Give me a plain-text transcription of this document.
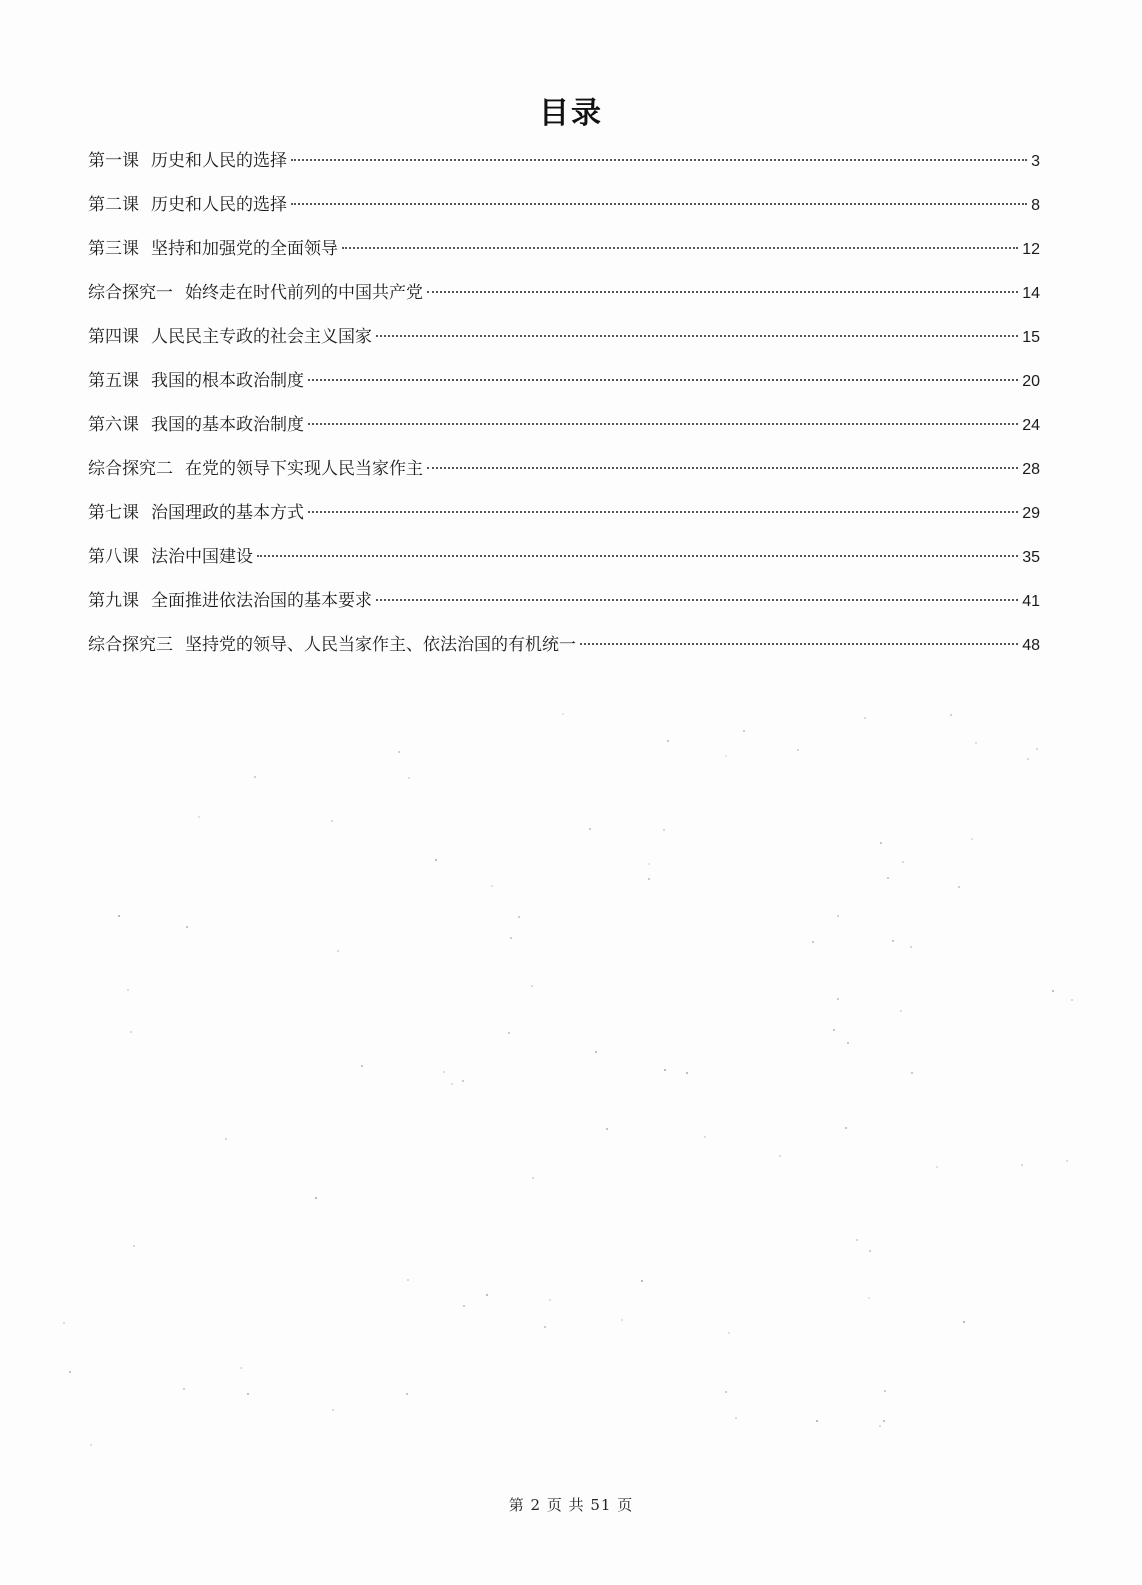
目录
第一课 历史和人民的选择	3
第二课 历史和人民的选择	8
第三课 坚持和加强党的全面领导	12
综合探究一 始终走在时代前列的中国共产党	14
第四课 人民民主专政的社会主义国家	15
第五课 我国的根本政治制度	20
第六课 我国的基本政治制度	24
综合探究二 在党的领导下实现人民当家作主	28
第七课 治国理政的基本方式	29
第八课 法治中国建设	35
第九课 全面推进依法治国的基本要求	41
综合探究三 坚持党的领导、人民当家作主、依法治国的有机统一	48
第 2 页 共 51 页
